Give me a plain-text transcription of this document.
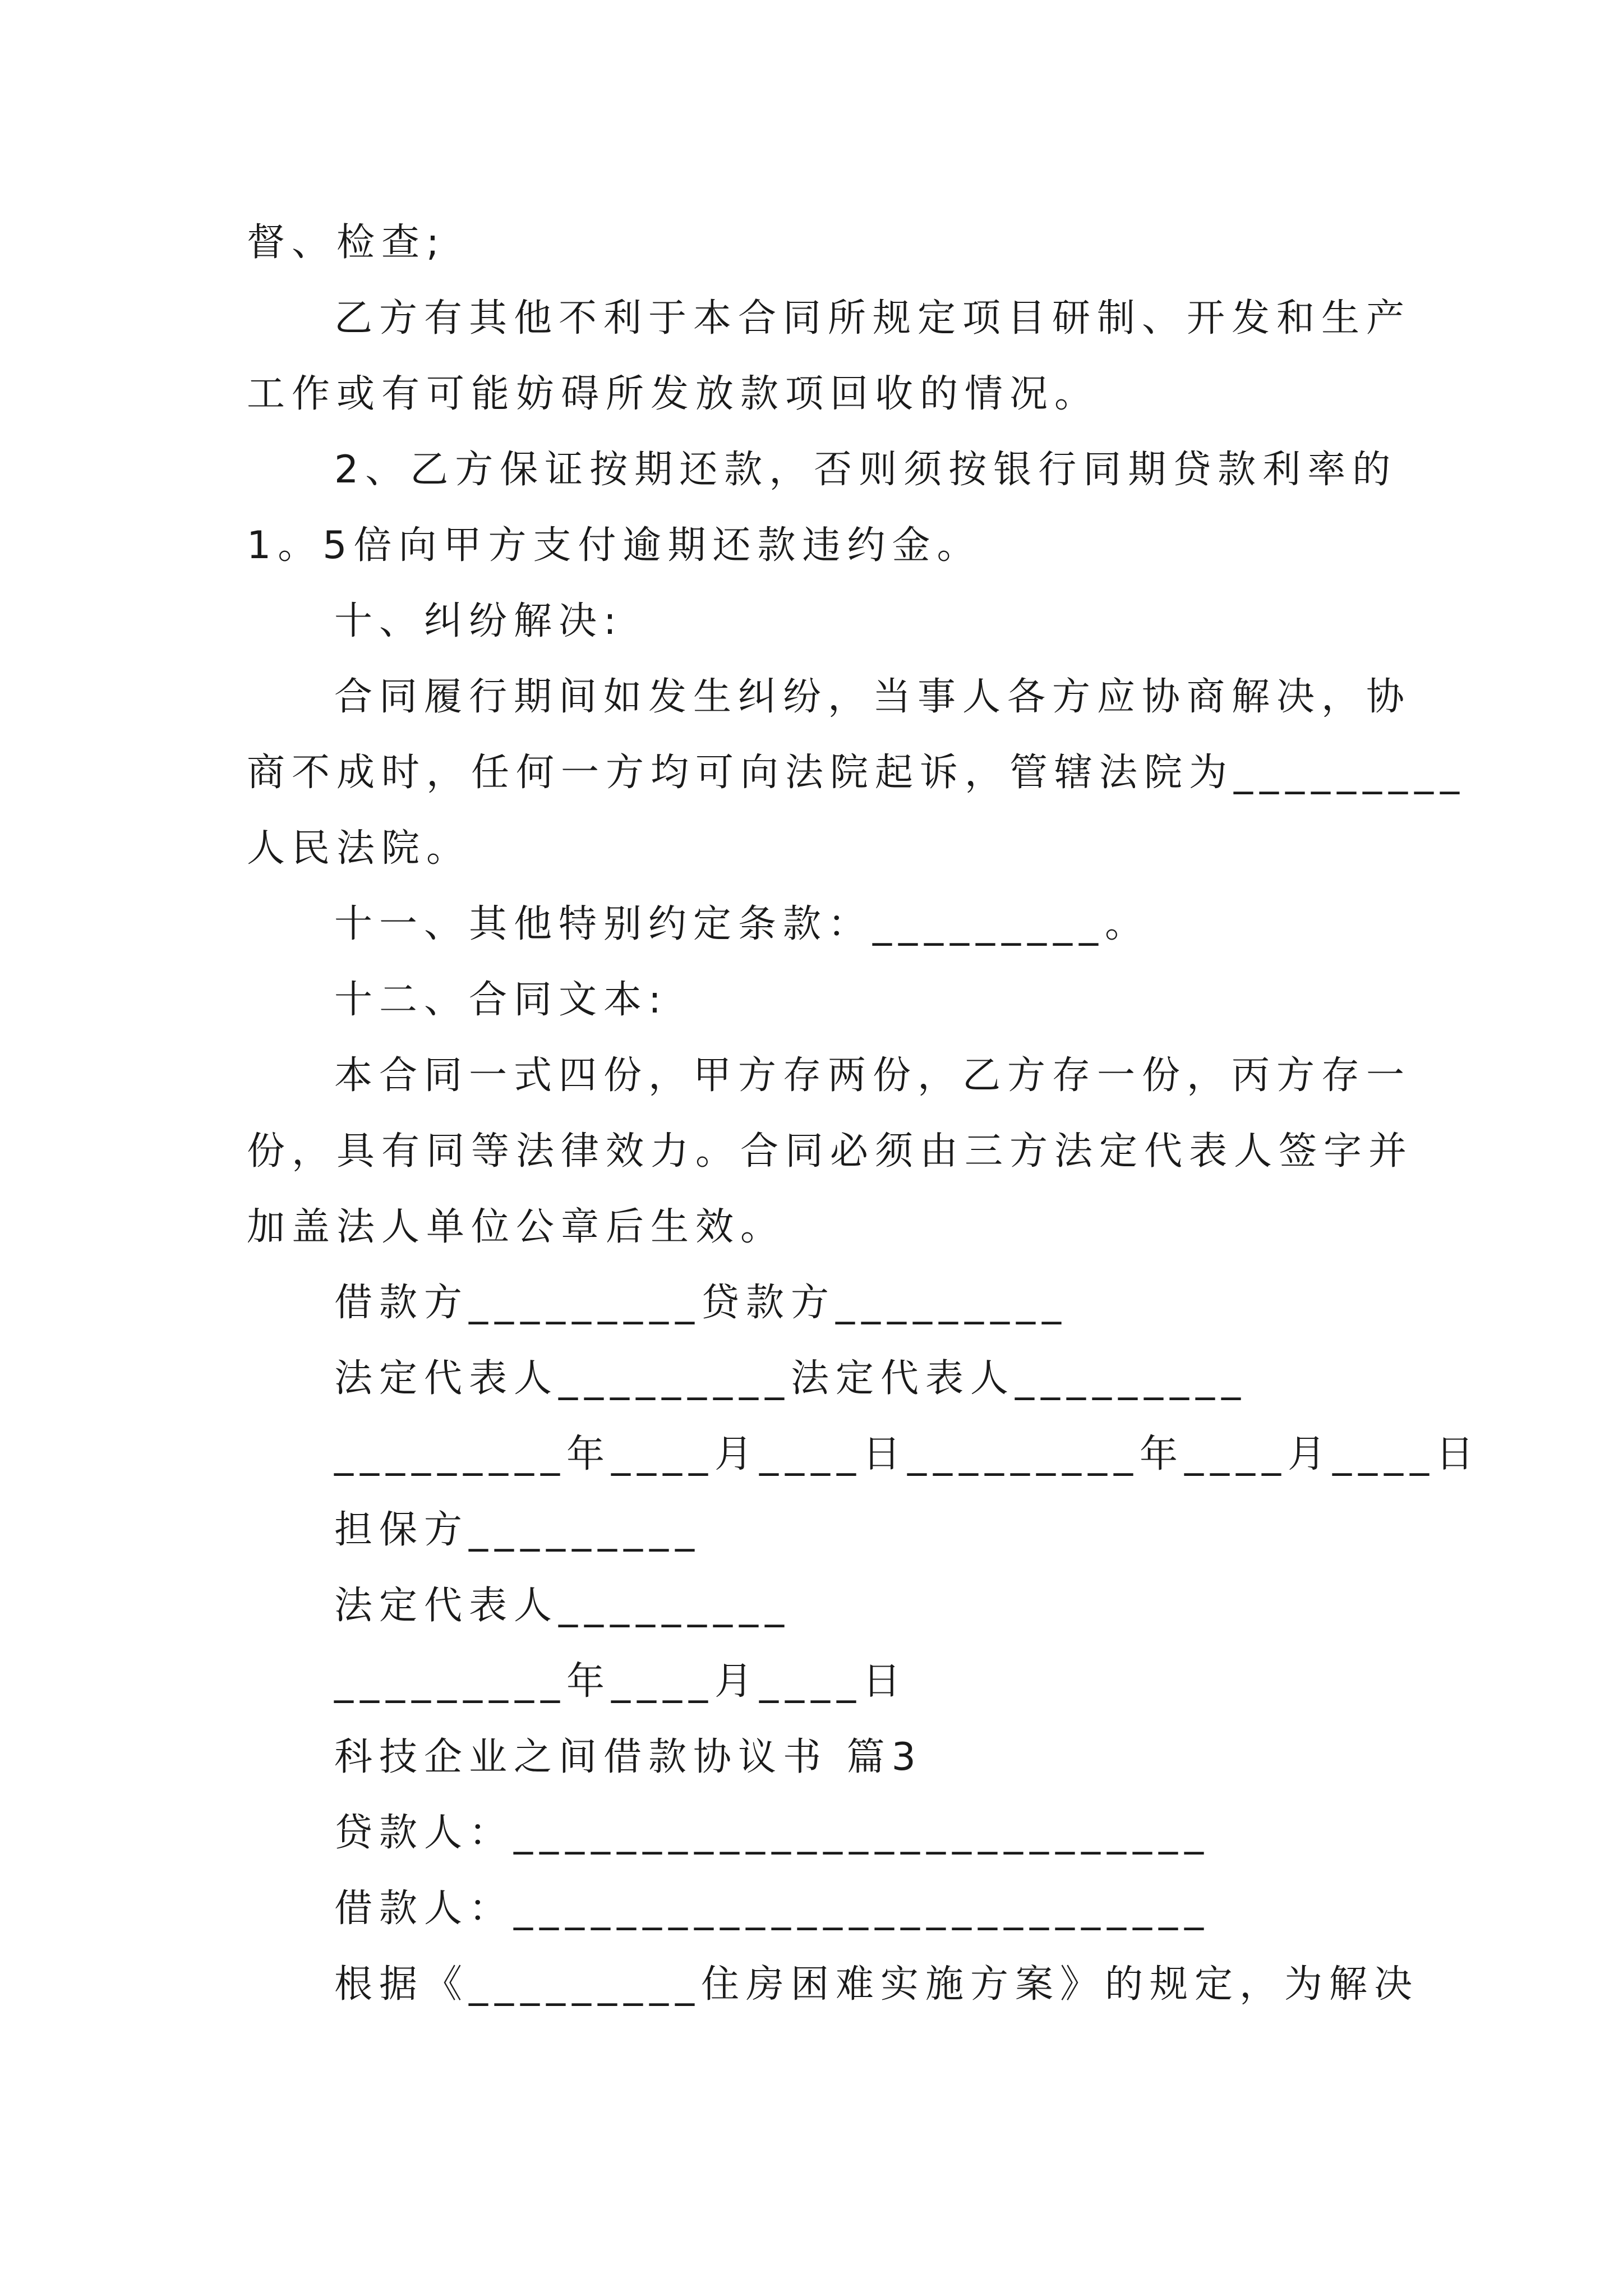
督、检查;
乙方有其他不利于本合同所规定项目研制、开发和生产
工作或有可能妨碍所发放款项回收的情况。
2、乙方保证按期还款，否则须按银行同期贷款利率的
1。5倍向甲方支付逾期还款违约金。
十、纠纷解决:
合同履行期间如发生纠纷，当事人各方应协商解决，协
商不成时，任何一方均可向法院起诉，管辖法院为_________
人民法院。
十一、其他特别约定条款：_________。
十二、合同文本:
本合同一式四份，甲方存两份，乙方存一份，丙方存一
份，具有同等法律效力。合同必须由三方法定代表人签字并
加盖法人单位公章后生效。
借款方_________贷款方_________
法定代表人_________法定代表人_________
_________年____月____日_________年____月____日
担保方_________
法定代表人_________
_________年____月____日
科技企业之间借款协议书 篇3
贷款人：___________________________
借款人：___________________________
根据《_________住房困难实施方案》的规定，为解决
